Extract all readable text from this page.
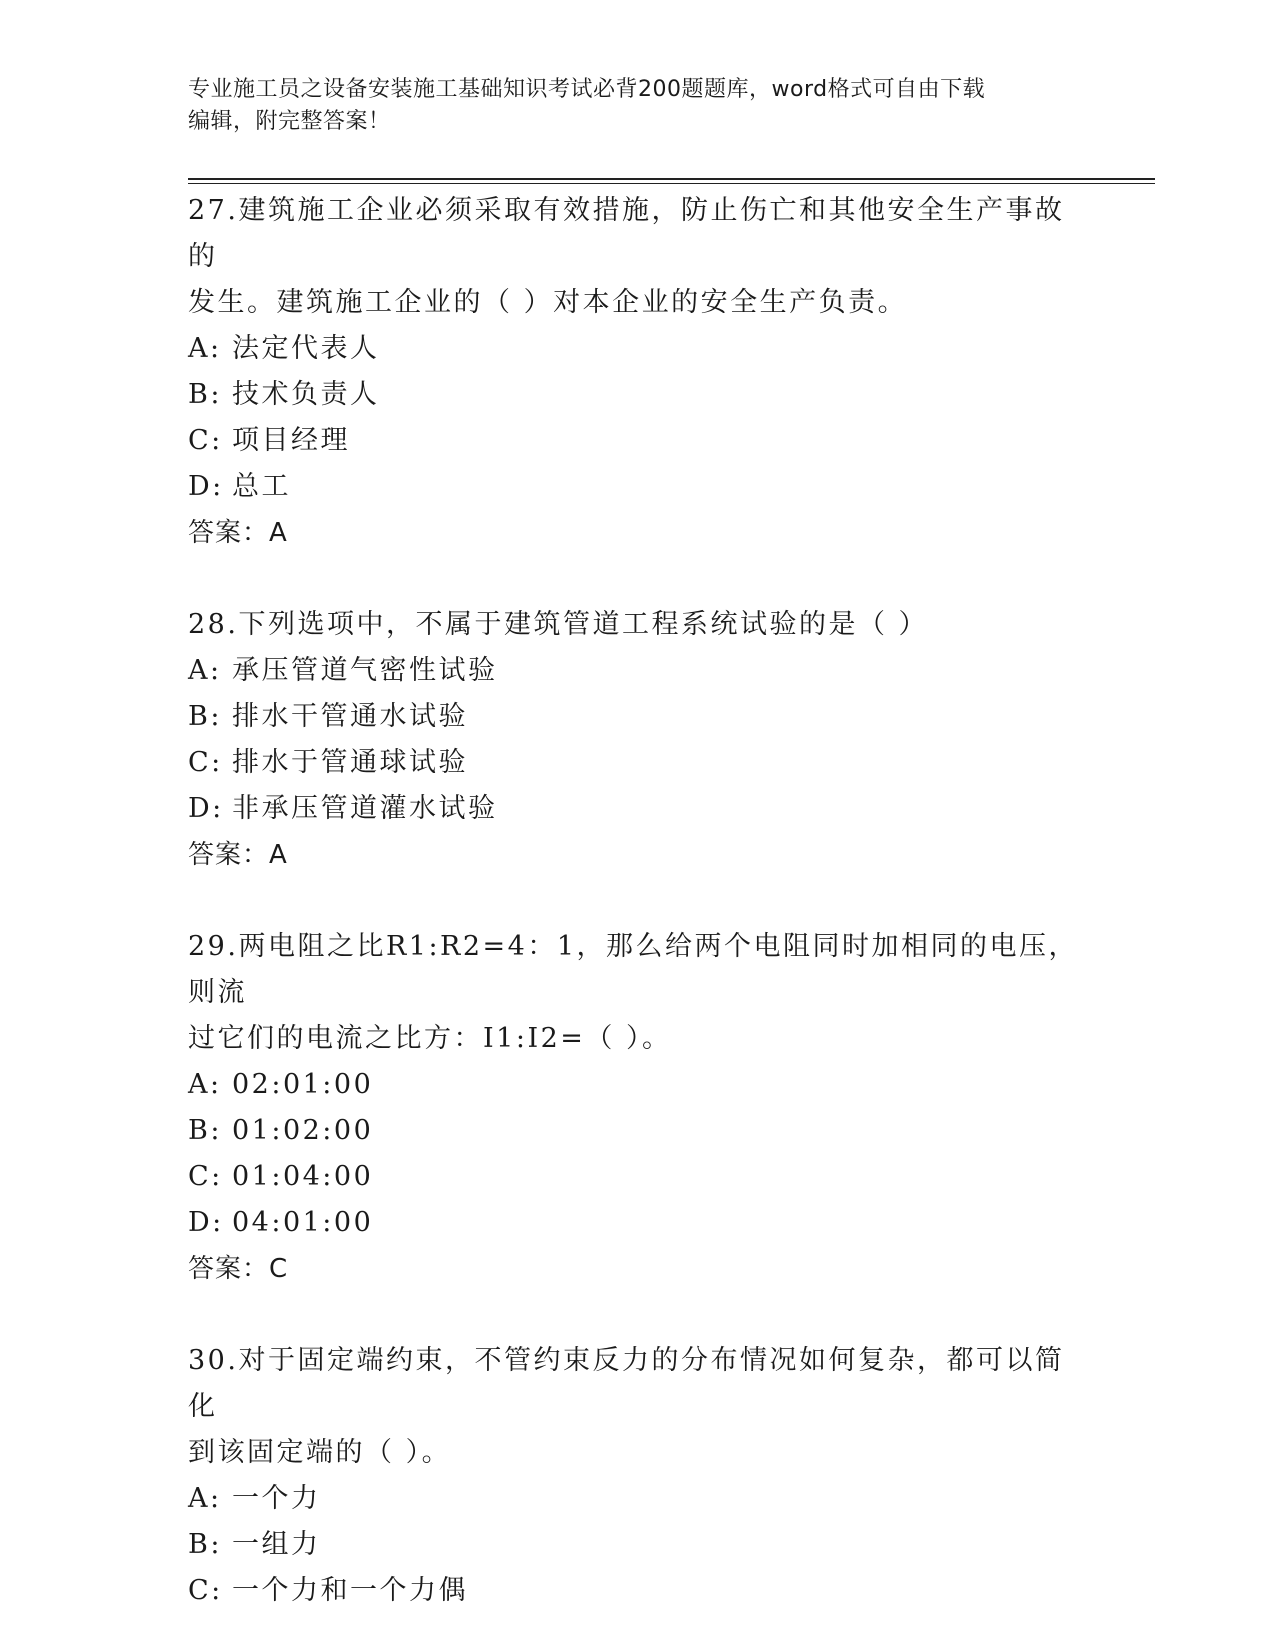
专业施工员之设备安装施工基础知识考试必背200题题库，word格式可自由下载
编辑，附完整答案！
27.建筑施工企业必须采取有效措施，防止伤亡和其他安全生产事故的
发生。建筑施工企业的（ ）对本企业的安全生产负责。
A: 法定代表人
B: 技术负责人
C: 项目经理
D: 总工
答案：A
28.下列选项中，不属于建筑管道工程系统试验的是（ ）
A: 承压管道气密性试验
B: 排水干管通水试验
C: 排水于管通球试验
D: 非承压管道灌水试验
答案：A
29.两电阻之比R1:R2=4：1，那么给两个电阻同时加相同的电压，则流
过它们的电流之比方：I1:I2=（ ）。
A: 02:01:00
B: 01:02:00
C: 01:04:00
D: 04:01:00
答案：C
30.对于固定端约束，不管约束反力的分布情况如何复杂，都可以简化
到该固定端的（ ）。
A: 一个力
B: 一组力
C: 一个力和一个力偶
